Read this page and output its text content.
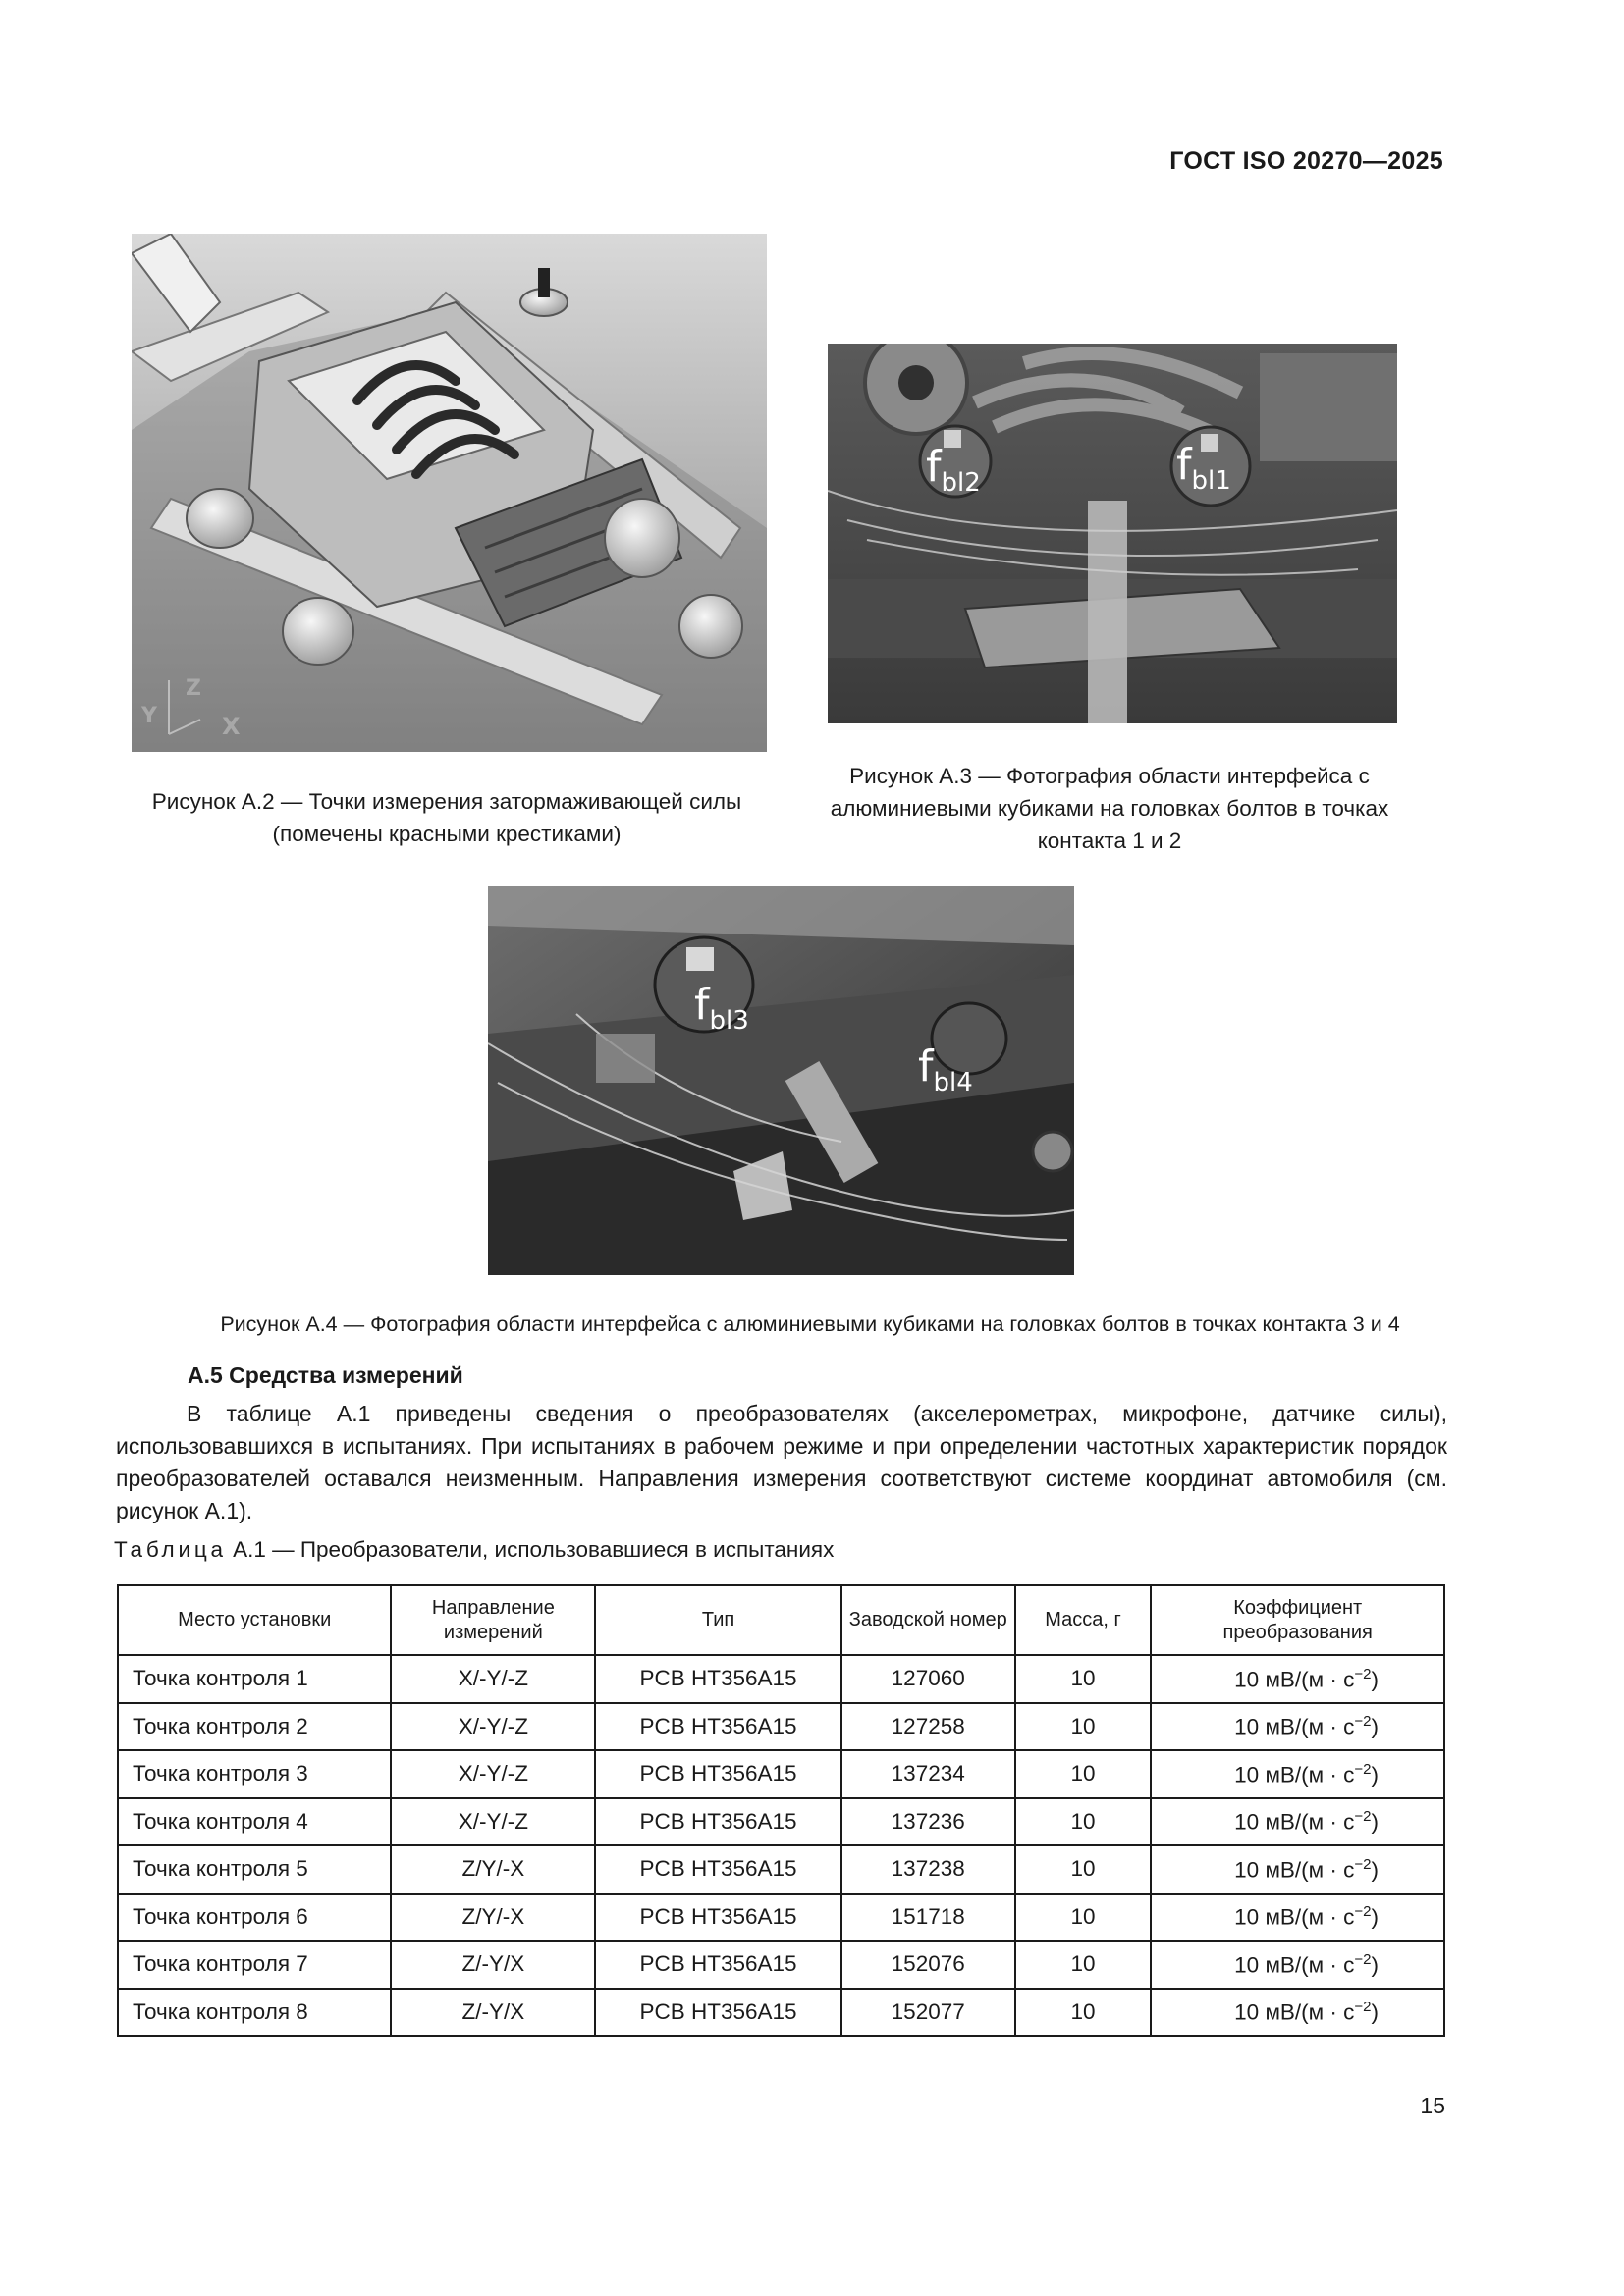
ГОСТ ISO 20270—2025
Y
Z
X
Рисунок А.2 — Точки измерения затормаживающей силы (помечены красными крестиками)
$f_{bl2}$	$f_{bl1}$
Рисунок А.3 — Фотография области интерфейса с алюминиевыми кубиками на головках болтов в точках контакта 1 и 2
$f_{bl3}$
$f_{bl4}$
Рисунок А.4 — Фотография области интерфейса с алюминиевыми кубиками на головках болтов в точках контакта 3 и 4
А.5 Средства измерений

В таблице А.1 приведены сведения о преобразователях (акселерометрах, микрофоне, датчике силы), использовавшихся в испытаниях. При испытаниях в рабочем режиме и при определении частотных характеристик порядок преобразователей оставался неизменным. Направления измерения соответствуют системе координат автомобиля (см. рисунок А.1).

Таблица А.1 — Преобразователи, использовавшиеся в испытаниях
Место установки	Направление измерений	Тип	Заводской номер	Масса, г	Коэффициент преобразования
Точка контроля 1	X/-Y/-Z	PCB HT356A15	127060	10	10 $мВ/(м \cdot с^{-2})$
Точка контроля 2	X/-Y/-Z	PCB HT356A15	127258	10	10 $мВ/(м \cdot с^{-2})$
Точка контроля 3	X/-Y/-Z	PCB HT356A15	137234	10	10 $мВ/(м \cdot с^{-2})$
Точка контроля 4	X/-Y/-Z	PCB HT356A15	137236	10	10 $мВ/(м \cdot с^{-2})$
Точка контроля 5	Z/Y/-X	PCB HT356A15	137238	10	10 $мВ/(м \cdot с^{-2})$
Точка контроля 6	Z/Y/-X	PCB HT356A15	151718	10	10 $мВ/(м \cdot с^{-2})$
Точка контроля 7	Z/-Y/X	PCB HT356A15	152076	10	10 $мВ/(м \cdot с^{-2})$
Точка контроля 8	Z/-Y/X	PCB HT356A15	152077	10	10 $мВ/(м \cdot с^{-2})$
15
